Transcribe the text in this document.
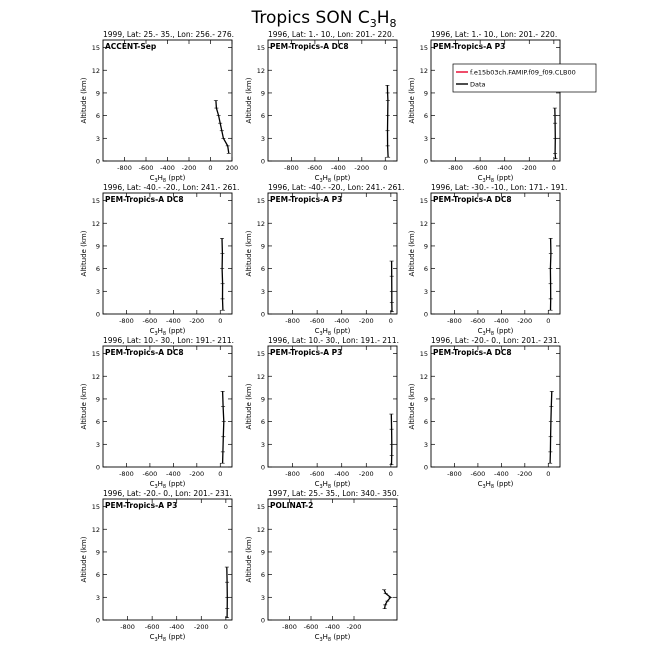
Tropics SON $C_3H_8$
1999, Lat: 25.- 35., Lon: 256.- 276.
ACCENT-Sep
-800 -600 -400 -200 0 200
0
3
6
9
12
15
$C_3H_8$ (ppt)
Altitude (km)
1996, Lat: 1.- 10., Lon: 201.- 220.
PEM-Tropics-A DC8
-800 -600 -400 -200 0
0
3
6
9
12
15
$C_3H_8$ (ppt)
Altitude (km)
1996, Lat: 1.- 10., Lon: 201.- 220.
PEM-Tropics-A P3
-800 -600 -400 -200 0
0
3
6
9
12
15
$C_3H_8$ (ppt)
Altitude (km)
1996, Lat: -40.- -20., Lon: 241.- 261.
PEM-Tropics-A DC8
-800 -600 -400 -200 0
0
3
6
9
12
15
$C_3H_8$ (ppt)
Altitude (km)
1996, Lat: -40.- -20., Lon: 241.- 261.
PEM-Tropics-A P3
-800 -600 -400 -200 0
0
3
6
9
12
15
$C_3H_8$ (ppt)
Altitude (km)
1996, Lat: -30.- -10., Lon: 171.- 191.
PEM-Tropics-A DC8
-800 -600 -400 -200 0
0
3
6
9
12
15
$C_3H_8$ (ppt)
Altitude (km)
1996, Lat: 10.- 30., Lon: 191.- 211.
PEM-Tropics-A DC8
-800 -600 -400 -200 0
0
3
6
9
12
15
$C_3H_8$ (ppt)
Altitude (km)
1996, Lat: 10.- 30., Lon: 191.- 211.
PEM-Tropics-A P3
-800 -600 -400 -200 0
0
3
6
9
12
15
$C_3H_8$ (ppt)
Altitude (km)
1996, Lat: -20.- 0., Lon: 201.- 231.
PEM-Tropics-A DC8
-800 -600 -400 -200 0
0
3
6
9
12
15
$C_3H_8$ (ppt)
Altitude (km)
1996, Lat: -20.- 0., Lon: 201.- 231.
PEM-Tropics-A P3
-800 -600 -400 -200 0
0
3
6
9
12
15
$C_3H_8$ (ppt)
Altitude (km)
1997, Lat: 25.- 35., Lon: 340.- 350.
POLINAT-2
-800 -600 -400 -200
0
3
6
9
12
15
$C_3H_8$ (ppt)
Altitude (km)
f.e15b03ch.FAMIP.f09_f09.CLB00
Data
